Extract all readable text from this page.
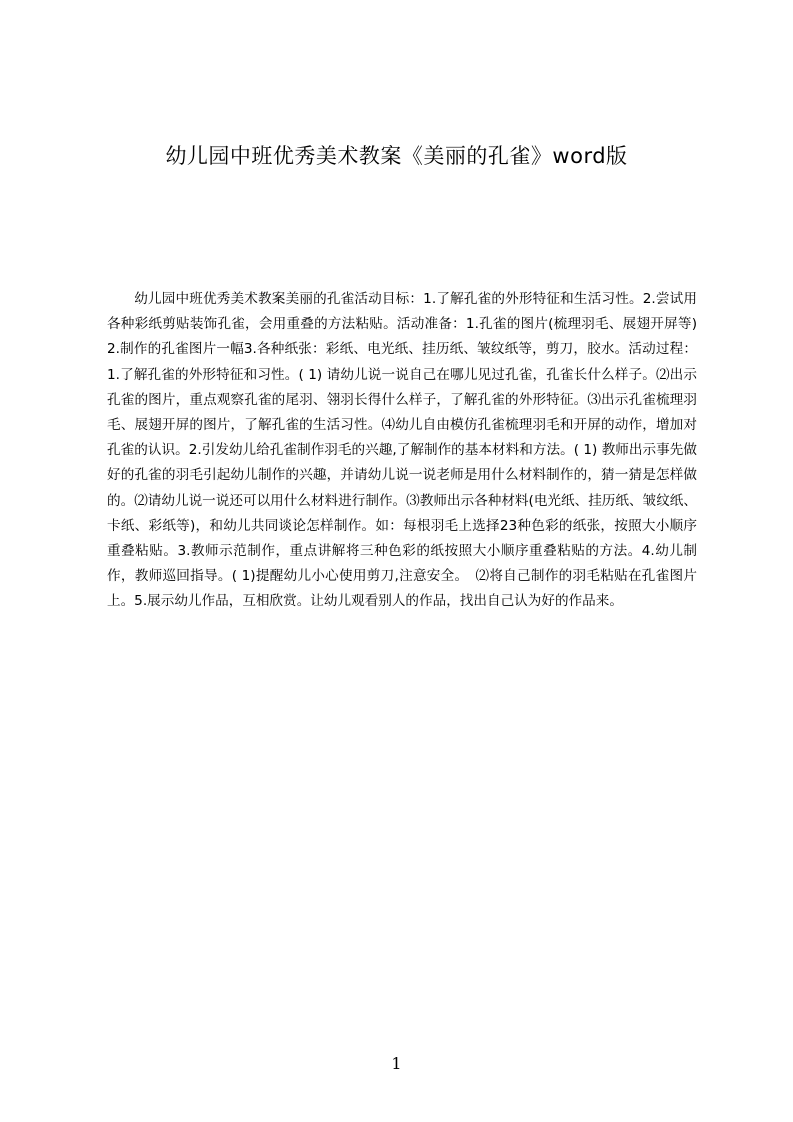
幼儿园中班优秀美术教案《美丽的孔雀》word版

幼儿园中班优秀美术教案美丽的孔雀活动目标：1.了解孔雀的外形特征和生活习性。2.尝试用各种彩纸剪贴装饰孔雀，会用重叠的方法粘贴。活动准备：1.孔雀的图片(梳理羽毛、展翅开屏等)2.制作的孔雀图片一幅3.各种纸张：彩纸、电光纸、挂历纸、皱纹纸等，剪刀，胶水。活动过程：1.了解孔雀的外形特征和习性。( 1) 请幼儿说一说自己在哪儿见过孔雀，孔雀长什么样子。⑵出示孔雀的图片，重点观察孔雀的尾羽、翎羽长得什么样子，了解孔雀的外形特征。⑶出示孔雀梳理羽毛、展翅开屏的图片，了解孔雀的生活习性。⑷幼儿自由模仿孔雀梳理羽毛和开屏的动作，增加对孔雀的认识。2.引发幼儿给孔雀制作羽毛的兴趣,了解制作的基本材料和方法。( 1) 教师出示事先做好的孔雀的羽毛引起幼儿制作的兴趣，并请幼儿说一说老师是用什么材料制作的，猜一猜是怎样做的。⑵请幼儿说一说还可以用什么材料进行制作。⑶教师出示各种材料(电光纸、挂历纸、皱纹纸、卡纸、彩纸等)，和幼儿共同谈论怎样制作。如：每根羽毛上选择23种色彩的纸张，按照大小顺序重叠粘贴。3.教师示范制作，重点讲解将三种色彩的纸按照大小顺序重叠粘贴的方法。4.幼儿制作，教师巡回指导。( 1)提醒幼儿小心使用剪刀,注意安全。　⑵将自己制作的羽毛粘贴在孔雀图片上。5.展示幼儿作品，互相欣赏。让幼儿观看别人的作品，找出自己认为好的作品来。

1
